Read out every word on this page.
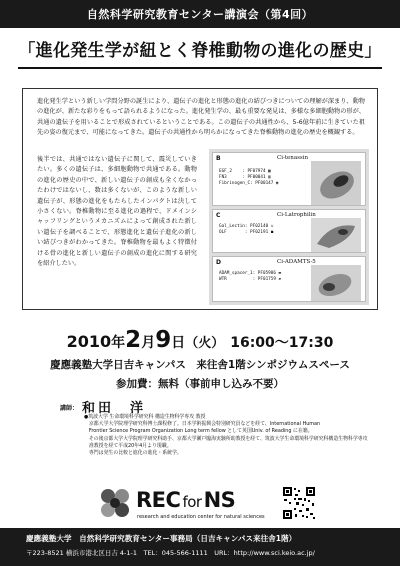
自然科学研究教育センター講演会（第4回）
「進化発生学が紐とく脊椎動物の進化の歴史」
進化発生学という新しい学問分野の誕生により、遺伝子の進化と形態の進化の結びつきについての理解が深まり、動物の進化が、新たな彩りをもって語られるようになった。進化発生学の、最も重要な発見は、多様な多細胞動物の形が、共通の遺伝子を用いることで形成されているということである。この遺伝子の共通性から、5-6億年前に生きていた祖先の姿の復元まで、可能になってきた。遺伝子の共通性から明らかになってきた脊椎動物の進化の歴史を概観する。
後半では、共通ではない遺伝子に関して、震災していきたい。多くの遺伝子は、多細胞動物で共通である。動物の進化の歴史の中で、新しい遺伝子の創成も全くなかったわけではないし、数は多くないが、このような新しい遺伝子が、形態の進化をもたらしたインパクトは決して小さくない。脊椎動物に至る進化の過程で、ドメインシャッフリングというメカニズムによって創成された新しい遺伝子を調べることで、形態進化と遺伝子進化の新しい結びつきがわかってきた。脊椎動物を最もよく特徴付ける骨の進化と新しい遺伝子の創成の進化に関する研究を紹介したい。
B	Ci-tenassin
EGF_2    : PF07974 ▩
FN3      : PF00041 ▥
Fibrinogen_C: PF00147 ◉
C	Ci-Latrophilin
Gal_Lectin: PF02140 ◇
OLF       : PF02191 ◼
D	Ci-ADAMTS-5
ADAM_spacer_1: PF05986 ▬
WTR          : PF01759 ▰
2010年2月9日（火） 16:00～17:30
慶應義塾大学日吉キャンパス　来往舎1階シンポジウムスペース
参加費：無料（事前申し込み不要）
講師： 和田　洋
●筑波大学 生命環境科学研究科 構造生物科学専攻 教授
　京都大学大学院理学研究科博士課程修了。日本学術振興会特別研究員などを経て、International Human
　Frontier Science Program Organization Long term fellow として英国Univ. of Reading に在籍。
　その後京都大学大学院理学研究科助手、京都大学瀬戸臨海実験所助教授を経て、筑波大学生命環境科学研究科構造生物科学専攻
　准教授を経て平成20年4月より現職。
　専門は発生の比較と進化の進化・系統学。
REC forNS
research and education center for natural sciences
慶應義塾大学　自然科学研究教育センター事務局（日吉キャンパス来往舎1階）
〒223-8521 横浜市港北区日吉 4-1-1　TEL：045-566-1111　URL：http://www.sci.keio.ac.jp/
